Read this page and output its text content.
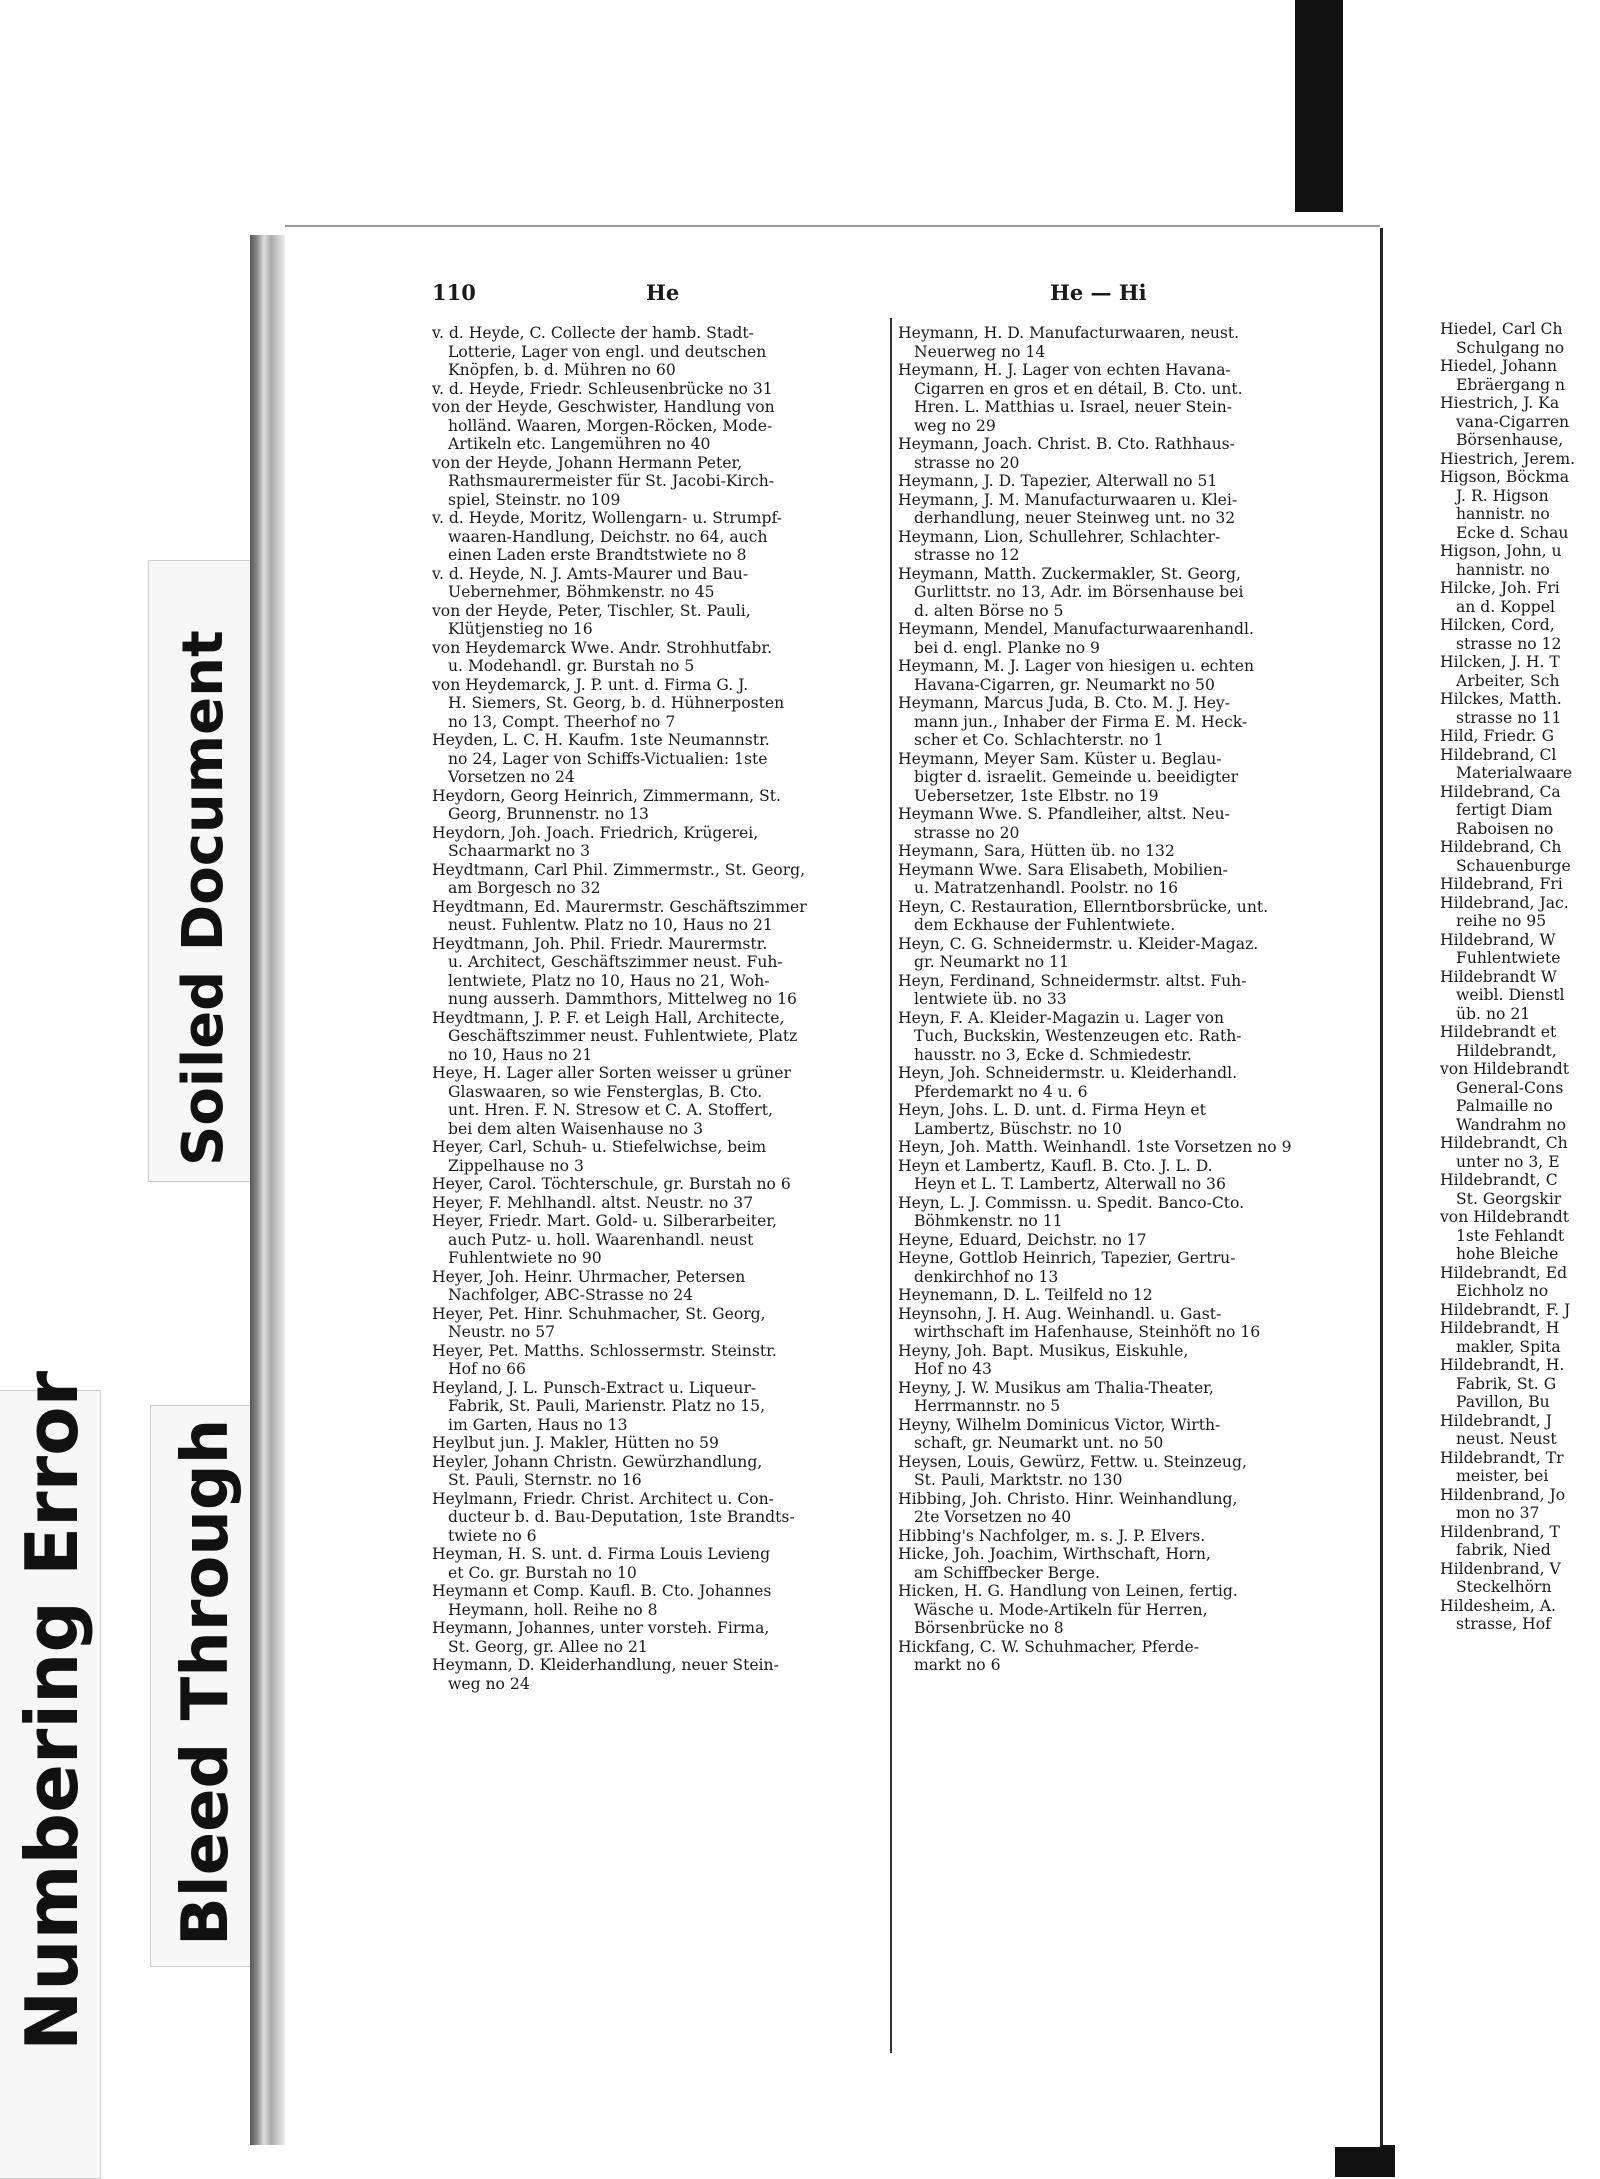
Soiled Document
Numbering Error Bleed Through
110	He	He — Hi
v. d. Heyde, C. Collecte der hamb. Stadt-

Lotterie, Lager von engl. und deutschen
Knöpfen, b. d. Mühren no 60
v. d. Heyde, Friedr. Schleusenbrücke no 31

von der Heyde, Geschwister, Handlung von

holländ. Waaren, Morgen-Röcken, Mode-
Artikeln etc. Langemühren no 40
von der Heyde, Johann Hermann Peter,

Rathsmaurermeister für St. Jacobi-Kirch-
spiel, Steinstr. no 109
v. d. Heyde, Moritz, Wollengarn- u. Strumpf-

waaren-Handlung, Deichstr. no 64, auch
einen Laden erste Brandtstwiete no 8
v. d. Heyde, N. J. Amts-Maurer und Bau-

Uebernehmer, Böhmkenstr. no 45
von der Heyde, Peter, Tischler, St. Pauli,

Klütjenstieg no 16
von Heydemarck Wwe. Andr. Strohhutfabr.

u. Modehandl. gr. Burstah no 5
von Heydemarck, J. P. unt. d. Firma G. J.

H. Siemers, St. Georg, b. d. Hühnerposten
no 13, Compt. Theerhof no 7
Heyden, L. C. H. Kaufm. 1ste Neumannstr.

no 24, Lager von Schiffs-Victualien: 1ste
Vorsetzen no 24
Heydorn, Georg Heinrich, Zimmermann, St.

Georg, Brunnenstr. no 13
Heydorn, Joh. Joach. Friedrich, Krügerei,

Schaarmarkt no 3
Heydtmann, Carl Phil. Zimmermstr., St. Georg,

am Borgesch no 32
Heydtmann, Ed. Maurermstr. Geschäftszimmer

neust. Fuhlentw. Platz no 10, Haus no 21
Heydtmann, Joh. Phil. Friedr. Maurermstr.

u. Architect, Geschäftszimmer neust. Fuh-
lentwiete, Platz no 10, Haus no 21, Woh-
nung ausserh. Dammthors, Mittelweg no 16
Heydtmann, J. P. F. et Leigh Hall, Architecte,

Geschäftszimmer neust. Fuhlentwiete, Platz
no 10, Haus no 21
Heye, H. Lager aller Sorten weisser u grüner

Glaswaaren, so wie Fensterglas, B. Cto.
unt. Hren. F. N. Stresow et C. A. Stoffert,
bei dem alten Waisenhause no 3
Heyer, Carl, Schuh- u. Stiefelwichse, beim

Zippelhause no 3
Heyer, Carol. Töchterschule, gr. Burstah no 6

Heyer, F. Mehlhandl. altst. Neustr. no 37

Heyer, Friedr. Mart. Gold- u. Silberarbeiter,

auch Putz- u. holl. Waarenhandl. neust
Fuhlentwiete no 90
Heyer, Joh. Heinr. Uhrmacher, Petersen

Nachfolger, ABC-Strasse no 24
Heyer, Pet. Hinr. Schuhmacher, St. Georg,

Neustr. no 57
Heyer, Pet. Matths. Schlossermstr. Steinstr.

Hof no 66
Heyland, J. L. Punsch-Extract u. Liqueur-

Fabrik, St. Pauli, Marienstr. Platz no 15,
im Garten, Haus no 13
Heylbut jun. J. Makler, Hütten no 59

Heyler, Johann Christn. Gewürzhandlung,

St. Pauli, Sternstr. no 16
Heylmann, Friedr. Christ. Architect u. Con-

ducteur b. d. Bau-Deputation, 1ste Brandts-
twiete no 6
Heyman, H. S. unt. d. Firma Louis Levieng

et Co. gr. Burstah no 10
Heymann et Comp. Kaufl. B. Cto. Johannes

Heymann, holl. Reihe no 8
Heymann, Johannes, unter vorsteh. Firma,

St. Georg, gr. Allee no 21
Heymann, D. Kleiderhandlung, neuer Stein-

weg no 24
Heymann, H. D. Manufacturwaaren, neust.

Neuerweg no 14
Heymann, H. J. Lager von echten Havana-

Cigarren en gros et en détail, B. Cto. unt.
Hren. L. Matthias u. Israel, neuer Stein-
weg no 29
Heymann, Joach. Christ. B. Cto. Rathhaus-

strasse no 20
Heymann, J. D. Tapezier, Alterwall no 51

Heymann, J. M. Manufacturwaaren u. Klei-

derhandlung, neuer Steinweg unt. no 32
Heymann, Lion, Schullehrer, Schlachter-

strasse no 12
Heymann, Matth. Zuckermakler, St. Georg,

Gurlittstr. no 13, Adr. im Börsenhause bei
d. alten Börse no 5
Heymann, Mendel, Manufacturwaarenhandl.

bei d. engl. Planke no 9
Heymann, M. J. Lager von hiesigen u. echten

Havana-Cigarren, gr. Neumarkt no 50
Heymann, Marcus Juda, B. Cto. M. J. Hey-

mann jun., Inhaber der Firma E. M. Heck-
scher et Co. Schlachterstr. no 1
Heymann, Meyer Sam. Küster u. Beglau-

bigter d. israelit. Gemeinde u. beeidigter
Uebersetzer, 1ste Elbstr. no 19
Heymann Wwe. S. Pfandleiher, altst. Neu-

strasse no 20
Heymann, Sara, Hütten üb. no 132

Heymann Wwe. Sara Elisabeth, Mobilien-

u. Matratzenhandl. Poolstr. no 16
Heyn, C. Restauration, Ellerntborsbrücke, unt.

dem Eckhause der Fuhlentwiete.
Heyn, C. G. Schneidermstr. u. Kleider-Magaz.

gr. Neumarkt no 11
Heyn, Ferdinand, Schneidermstr. altst. Fuh-

lentwiete üb. no 33
Heyn, F. A. Kleider-Magazin u. Lager von

Tuch, Buckskin, Westenzeugen etc. Rath-
hausstr. no 3, Ecke d. Schmiedestr.
Heyn, Joh. Schneidermstr. u. Kleiderhandl.

Pferdemarkt no 4 u. 6
Heyn, Johs. L. D. unt. d. Firma Heyn et

Lambertz, Büschstr. no 10
Heyn, Joh. Matth. Weinhandl. 1ste Vorsetzen no 9

Heyn et Lambertz, Kaufl. B. Cto. J. L. D.

Heyn et L. T. Lambertz, Alterwall no 36
Heyn, L. J. Commissn. u. Spedit. Banco-Cto.

Böhmkenstr. no 11
Heyne, Eduard, Deichstr. no 17

Heyne, Gottlob Heinrich, Tapezier, Gertru-

denkirchhof no 13
Heynemann, D. L. Teilfeld no 12

Heynsohn, J. H. Aug. Weinhandl. u. Gast-

wirthschaft im Hafenhause, Steinhöft no 16
Heyny, Joh. Bapt. Musikus, Eiskuhle,

Hof no 43
Heyny, J. W. Musikus am Thalia-Theater,

Herrmannstr. no 5
Heyny, Wilhelm Dominicus Victor, Wirth-

schaft, gr. Neumarkt unt. no 50
Heysen, Louis, Gewürz, Fettw. u. Steinzeug,

St. Pauli, Marktstr. no 130
Hibbing, Joh. Christo. Hinr. Weinhandlung,

2te Vorsetzen no 40
Hibbing's Nachfolger, m. s. J. P. Elvers.

Hicke, Joh. Joachim, Wirthschaft, Horn,

am Schiffbecker Berge.
Hicken, H. G. Handlung von Leinen, fertig.

Wäsche u. Mode-Artikeln für Herren,
Börsenbrücke no 8
Hickfang, C. W. Schuhmacher, Pferde-

markt no 6
Hiedel, Carl Ch

Schulgang no
Hiedel, Johann

Ebräergang n
Hiestrich, J. Ka

vana-Cigarren
Börsenhause,
Hiestrich, Jerem.

Higson, Böckma

J. R. Higson
hannistr. no
Ecke d. Schau
Higson, John, u

hannistr. no
Hilcke, Joh. Fri

an d. Koppel
Hilcken, Cord,

strasse no 12
Hilcken, J. H. T

Arbeiter, Sch
Hilckes, Matth.

strasse no 11
Hild, Friedr. G

Hildebrand, Cl

Materialwaare
Hildebrand, Ca

fertigt Diam
Raboisen no
Hildebrand, Ch

Schauenburge
Hildebrand, Fri

Hildebrand, Jac.

reihe no 95
Hildebrand, W

Fuhlentwiete
Hildebrandt W

weibl. Dienstl
üb. no 21
Hildebrandt et

Hildebrandt,
von Hildebrandt

General-Cons
Palmaille no
Wandrahm no
Hildebrandt, Ch

unter no 3, E
Hildebrandt, C

St. Georgskir
von Hildebrandt

1ste Fehlandt
hohe Bleiche
Hildebrandt, Ed

Eichholz no
Hildebrandt, F. J

Hildebrandt, H

makler, Spita
Hildebrandt, H.

Fabrik, St. G
Pavillon, Bu
Hildebrandt, J

neust. Neust
Hildebrandt, Tr

meister, bei
Hildenbrand, Jo

mon no 37
Hildenbrand, T

fabrik, Nied
Hildenbrand, V

Steckelhörn
Hildesheim, A.

strasse, Hof
